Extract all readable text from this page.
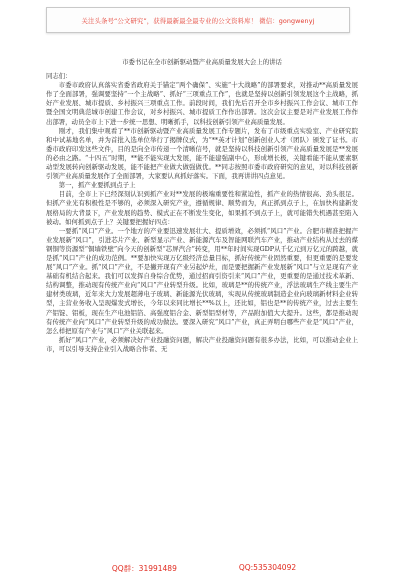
关注头条号“公文研究”，获得最新最全最专业的公文资料库！ 微信：gongwenyj
市委书记在全市创新驱动暨产业高质量发展大会上的讲话
同志们：

市委市政府认真落实省委省政府关于锚定“两个确保”、实施“十大战略”的部署要求，对推动**高质量发展作了全面部署，强调要坚持“一个主战略”、抓好“三项重点工作”，也就是坚持以创新引领发展这个主战略，抓好产业发展、城市提质、乡村振兴三项重点工作。前段时间，我们先后召开全市乡村振兴工作会议、城市工作暨全国文明典范城市创建工作会议，对乡村振兴、城市提质工作作出部署。这次会议主要是对产业发展工作作出部署，动员全市上下进一步统一思想、明晰抓手，以科技创新引领产业高质量发展。

刚才，我们集中观看了**市创新驱动暨产业高质量发展工作专题片，发布了市级重点实验室、产业研究院和中试基地名单，并为首批入选单位举行了揭牌仪式，为“**英才计划”创新创业人才（团队）颁发了证书。市委市政府印发这些文件，目的是向全市传递一个清晰信号，就是坚持以科技创新引领产业高质量发展是**发展的必由之路。“十四五”时期，**能不能实现大发展，能不能建强副中心，形成增长极，关键看能不能从要素驱动型发展转向创新驱动发展，能不能把产业做大做强做优。**同志按照市委市政府研究的意见，对以科技创新引领产业高质量发展作了全面部署，大家要认真抓好落实。下面，我再讲讲四点意见。

第一，抓产业要抓到点子上

目前，全市上下已经深刻认识到抓产业对**发展的极端重要性和紧迫性，抓产业的热情很高、劲头很足。但抓产业光有积极性是不够的，必须深入研究产业，遵循规律、顺势而为，真正抓到点子上，在加快构建新发展格局的大背景下，产业发展的趋势、模式正在不断发生变化，如果抓不到点子上，就可能错失机遇甚至陷入被动。如何抓到点子上？关键要把握好四点：

一要抓“风口”产业。一个地方的产业要迅速发展壮大、提质增效，必须抓“风口”产业。合肥市精准把握产业发展新“风口”，引进芯片产业、新型显示产业、新能源汽车及智能网联汽车产业，推动产业结构从过去的煤钢铜等资源型“铜墙铁壁”向今天的创新型“芯屏汽合”转变，用**年时间实现GDP从千亿元到万亿元的跨越，就是抓“风口”产业的成功范例。**要加快实现万亿级经济总量目标，抓好传统产业固然重要，但更重要的是要发展“风口”产业。抓“风口”产业，不是撇开现有产业另起炉灶，而是要把握新产业发展新“风口”与立足现有产业基础有机结合起来。我们可以发挥自身综合优势，通过招商引资引来“风口”产业，更重要的是通过技术革新、结构调整，推动现有传统产业向“风口”产业转型升级。比如，玻璃是**的传统产业，浮法玻璃生产线主要生产建材类玻璃，近年来大力发展超薄电子玻璃、新能源光伏玻璃，实现从传统玻璃制造企业向玻璃新材料企业转型，主营业务收入呈现爆发式增长，今年以来同比增长**%以上，还比如，铝也是**的传统产业，过去主要生产铝锭、铝板，现在生产电池铝箔、高强度铝合金、新型铝型材等，产品附加值大大提升。这些，都是推动现有传统产业向“风口”产业转型升级的成功做法。要深入研究“风口”产业，真正弄明白哪些产业是“风口”产业，怎么样把原有产业与“风口”产业关联起来。

抓好“风口”产业，必须解决好产业投融资问题，解决产业投融资问题有很多办法，比如，可以推动企业上市，可以引导支持企业引入战略合作者、无

QQ群：31991489	QQ:535304092
